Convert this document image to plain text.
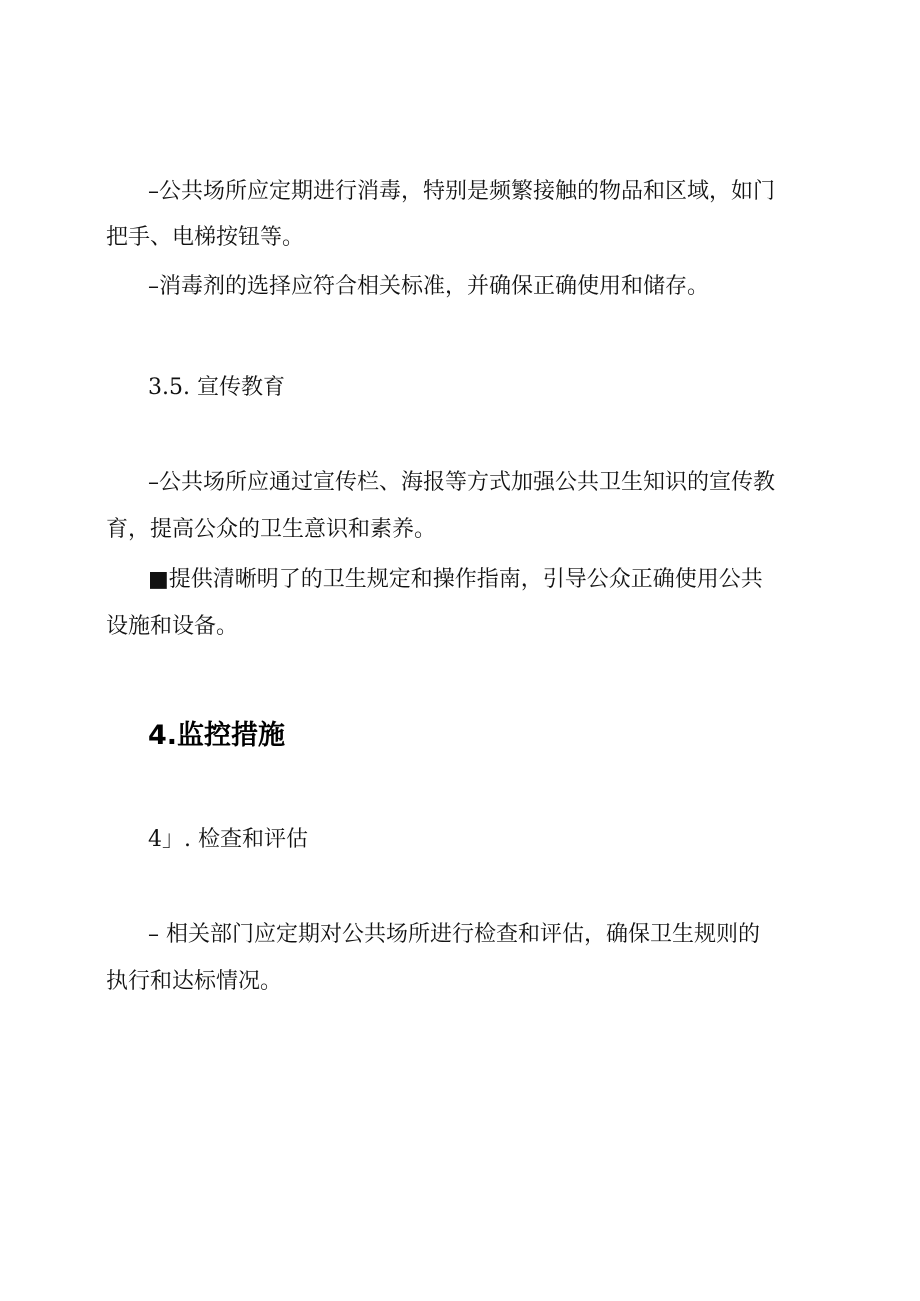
–公共场所应定期进行消毒，特别是频繁接触的物品和区域，如门
把手、电梯按钮等。
–消毒剂的选择应符合相关标准，并确保正确使用和储存。
3.5. 宣传教育
–公共场所应通过宣传栏、海报等方式加强公共卫生知识的宣传教
育，提高公众的卫生意识和素养。
■提供清晰明了的卫生规定和操作指南，引导公众正确使用公共
设施和设备。
4.监控措施
4」. 检查和评估
– 相关部门应定期对公共场所进行检查和评估，确保卫生规则的
执行和达标情况。
